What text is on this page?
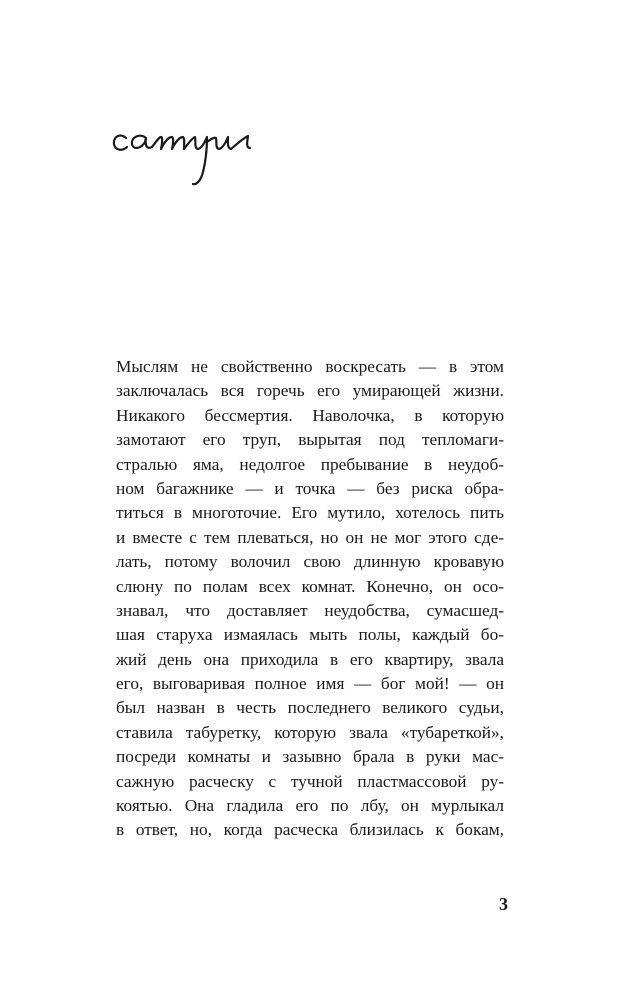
Мыслям не свойственно воскресать — в этом
заключалась вся горечь его умирающей жизни.
Никакого бессмертия. Наволочка, в которую
замотают его труп, вырытая под тепломаги-
стралью яма, недолгое пребывание в неудоб-
ном багажнике — и точка — без риска обра-
титься в многоточие. Его мутило, хотелось пить
и вместе с тем плеваться, но он не мог этого сде-
лать, потому волочил свою длинную кровавую
слюну по полам всех комнат. Конечно, он осо-
знавал, что доставляет неудобства, сумасшед-
шая старуха измаялась мыть полы, каждый бо-
жий день она приходила в его квартиру, звала
его, выговаривая полное имя — бог мой! — он
был назван в честь последнего великого судьи,
ставила табуретку, которую звала «тубареткой»,
посреди комнаты и зазывно брала в руки мас-
сажную расческу с тучной пластмассовой ру-
коятью. Она гладила его по лбу, он мурлыкал
в ответ, но, когда расческа близилась к бокам,
3
